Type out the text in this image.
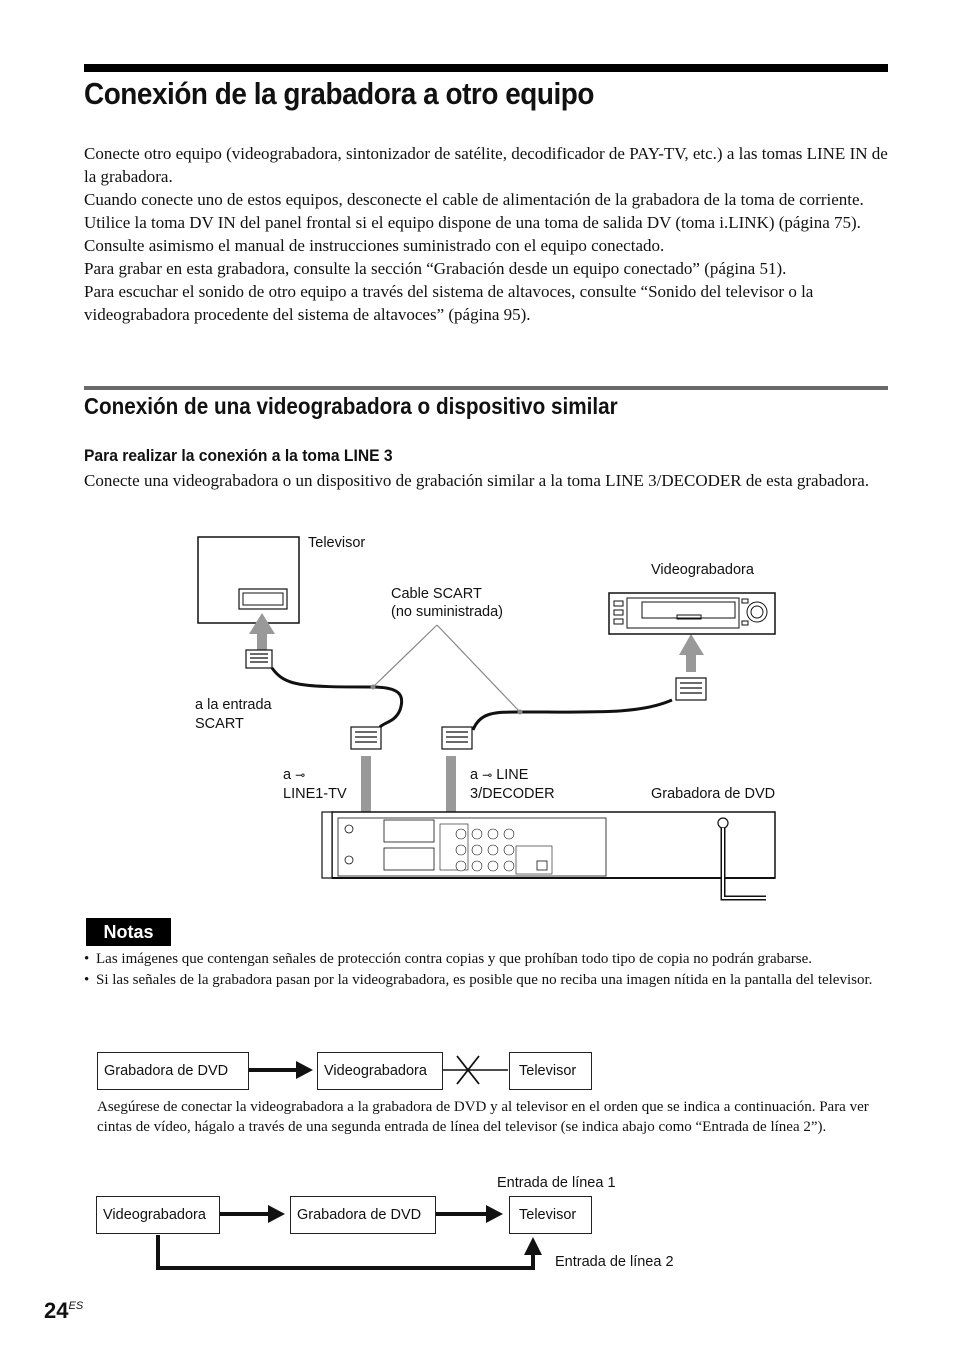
Conexión de la grabadora a otro equipo

Conecte otro equipo (videograbadora, sintonizador de satélite, decodificador de PAY-TV, etc.) a las tomas LINE IN de la grabadora.

Cuando conecte uno de estos equipos, desconecte el cable de alimentación de la grabadora de la toma de corriente.

Utilice la toma DV IN del panel frontal si el equipo dispone de una toma de salida DV (toma i.LINK) (página 75).

Consulte asimismo el manual de instrucciones suministrado con el equipo conectado.

Para grabar en esta grabadora, consulte la sección “Grabación desde un equipo conectado” (página 51).

Para escuchar el sonido de otro equipo a través del sistema de altavoces, consulte “Sonido del televisor o la videograbadora procedente del sistema de altavoces” (página 95).

Conexión de una videograbadora o dispositivo similar
Para realizar la conexión a la toma LINE 3

Conecte una videograbadora o un dispositivo de grabación similar a la toma LINE 3/DECODER de esta grabadora.

Televisor
Videograbadora
Cable SCART
(no suministrada)
a la entrada
SCART
a ⊸
LINE1-TV
a ⊸ LINE
3/DECODER	Grabadora de DVD
Notas
• Las imágenes que contengan señales de protección contra copias y que prohíban todo tipo de copia no podrán grabarse.
• Si las señales de la grabadora pasan por la videograbadora, es posible que no reciba una imagen nítida en la pantalla del televisor.
Grabadora de DVD	Videograbadora	Televisor

Asegúrese de conectar la videograbadora a la grabadora de DVD y al televisor en el orden que se indica a continuación. Para ver cintas de vídeo, hágalo a través de una segunda entrada de línea del televisor (se indica abajo como “Entrada de línea 2”).

Entrada de línea 1
Videograbadora	Grabadora de DVD	Televisor
Entrada de línea 2
$24^{ES}$
